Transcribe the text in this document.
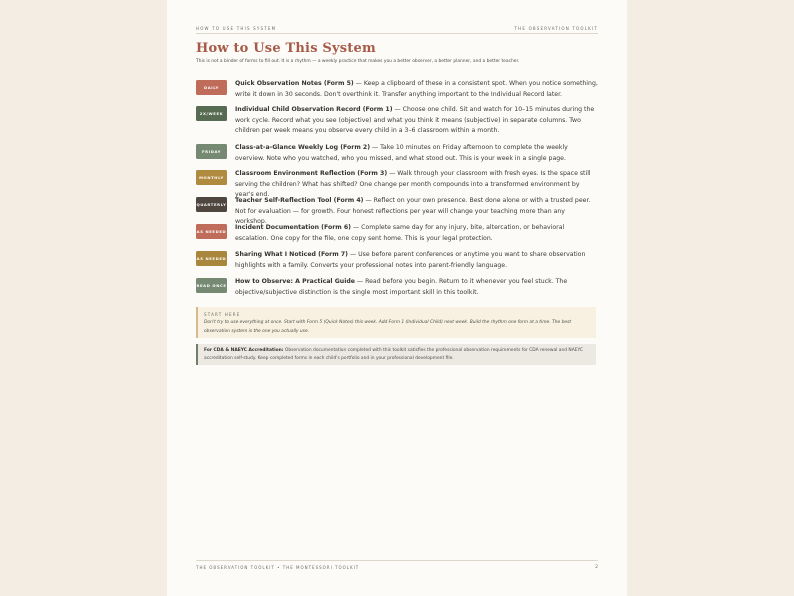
HOW TO USE THIS SYSTEM	THE OBSERVATION TOOLKIT
How to Use This System
This is not a binder of forms to fill out. It is a rhythm — a weekly practice that makes you a better observer, a better planner, and a better teacher.
DAILY
Quick Observation Notes (Form 5) — Keep a clipboard of these in a consistent spot. When you notice something, write it down in 30 seconds. Don't overthink it. Transfer anything important to the Individual Record later.
2X/WEEK
Individual Child Observation Record (Form 1) — Choose one child. Sit and watch for 10–15 minutes during the work cycle. Record what you see (objective) and what you think it means (subjective) in separate columns. Two children per week means you observe every child in a 3–6 classroom within a month.
FRIDAY
Class-at-a-Glance Weekly Log (Form 2) — Take 10 minutes on Friday afternoon to complete the weekly overview. Note who you watched, who you missed, and what stood out. This is your week in a single page.
MONTHLY
Classroom Environment Reflection (Form 3) — Walk through your classroom with fresh eyes. Is the space still serving the children? What has shifted? One change per month compounds into a transformed environment by year's end.
QUARTERLY
Teacher Self-Reflection Tool (Form 4) — Reflect on your own presence. Best done alone or with a trusted peer. Not for evaluation — for growth. Four honest reflections per year will change your teaching more than any workshop.
AS NEEDED
Incident Documentation (Form 6) — Complete same day for any injury, bite, altercation, or behavioral escalation. One copy for the file, one copy sent home. This is your legal protection.
AS NEEDED
Sharing What I Noticed (Form 7) — Use before parent conferences or anytime you want to share observation highlights with a family. Converts your professional notes into parent-friendly language.
READ ONCE
How to Observe: A Practical Guide — Read before you begin. Return to it whenever you feel stuck. The objective/subjective distinction is the single most important skill in this toolkit.
START HERE
Don't try to use everything at once. Start with Form 5 (Quick Notes) this week. Add Form 1 (Individual Child) next week. Build the rhythm one form at a time. The best observation system is the one you actually use.
For CDA & NAEYC Accreditation: Observation documentation completed with this toolkit satisfies the professional observation requirements for CDA renewal and NAEYC accreditation self-study. Keep completed forms in each child's portfolio and in your professional development file.
THE OBSERVATION TOOLKIT • THE MONTESSORI TOOLKIT	2
